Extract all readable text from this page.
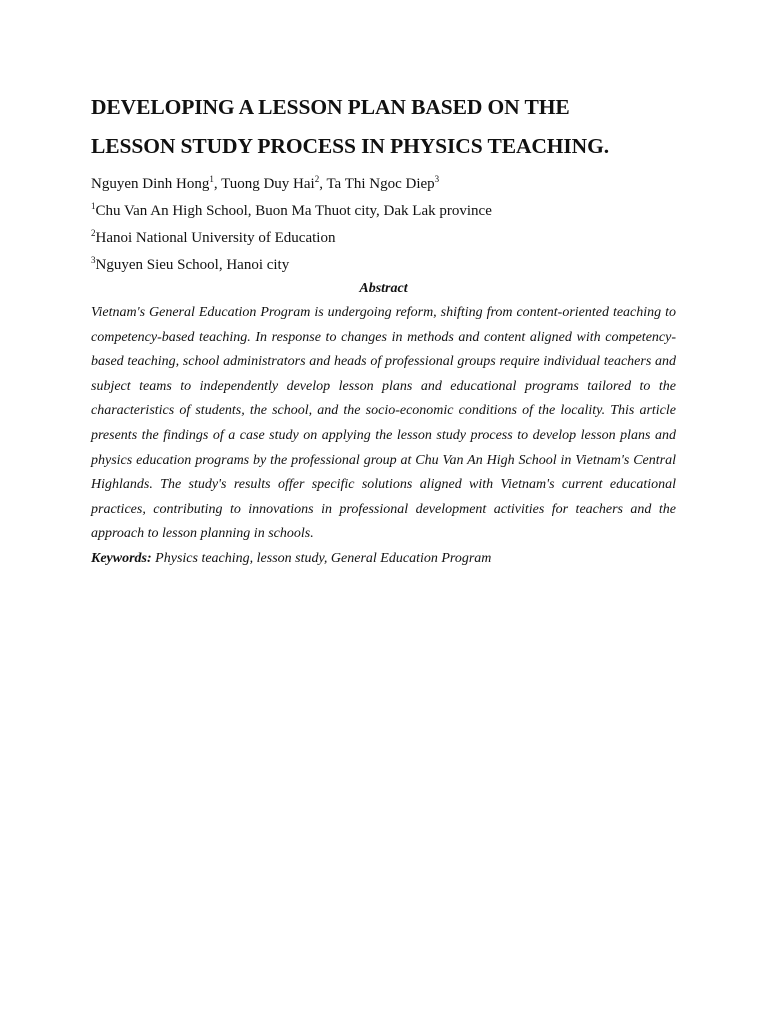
DEVELOPING A LESSON PLAN BASED ON THE
LESSON STUDY PROCESS IN PHYSICS TEACHING.
Nguyen Dinh Hong$^1$, Tuong Duy Hai$^2$, Ta Thi Ngoc Diep$^3$
$^1$Chu Van An High School, Buon Ma Thuot city, Dak Lak province
$^2$Hanoi National University of Education
$^3$Nguyen Sieu School, Hanoi city
Abstract
Vietnam's General Education Program is undergoing reform, shifting from content-oriented teaching to competency-based teaching. In response to changes in methods and content aligned with competency-based teaching, school administrators and heads of professional groups require individual teachers and subject teams to independently develop lesson plans and educational programs tailored to the characteristics of students, the school, and the socio-economic conditions of the locality. This article presents the findings of a case study on applying the lesson study process to develop lesson plans and physics education programs by the professional group at Chu Van An High School in Vietnam's Central Highlands. The study's results offer specific solutions aligned with Vietnam's current educational practices, contributing to innovations in professional development activities for teachers and the approach to lesson planning in schools.
Keywords: Physics teaching, lesson study, General Education Program
